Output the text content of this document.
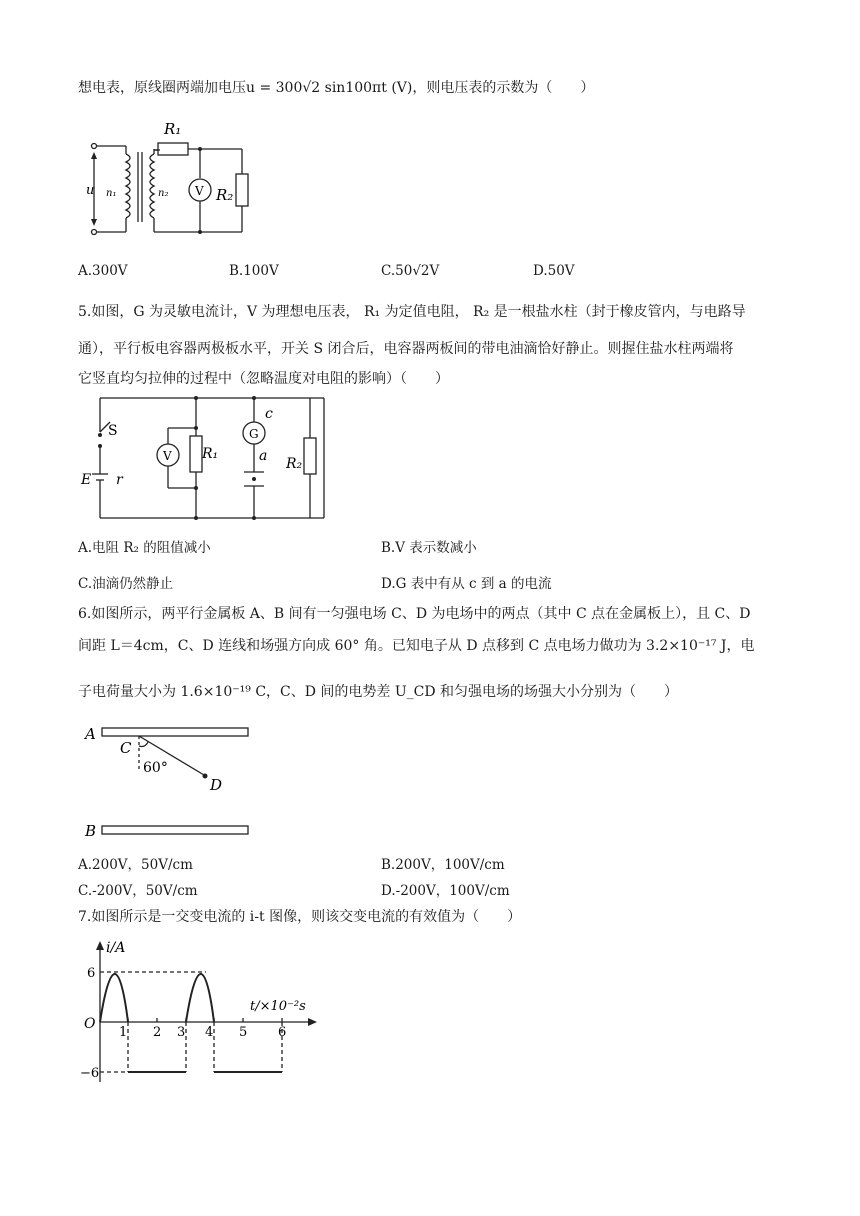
想电表，原线圈两端加电压u = 300√2 sin100πt (V)，则电压表的示数为（　　）
R₁
u n₁	n₂ V R₂
A.300V	B.100V	C.50√2V	D.50V
5.如图，G 为灵敏电流计，V 为理想电压表， R₁ 为定值电阻， R₂ 是一根盐水柱（封于橡皮管内，与电路导
通），平行板电容器两极板水平，开关 S 闭合后，电容器两板间的带电油滴恰好静止。则握住盐水柱两端将
它竖直均匀拉伸的过程中（忽略温度对电阻的影响）（　　）
S
E r
V R₁
G
c
a R₂
A.电阻 R₂ 的阻值减小	B.V 表示数减小
C.油滴仍然静止	D.G 表中有从 c 到 a 的电流
6.如图所示，两平行金属板 A、B 间有一匀强电场 C、D 为电场中的两点（其中 C 点在金属板上），且 C、D
间距 L＝4cm，C、D 连线和场强方向成 60° 角。已知电子从 D 点移到 C 点电场力做功为 3.2×10⁻¹⁷ J，电
子电荷量大小为 1.6×10⁻¹⁹ C，C、D 间的电势差 U_CD 和匀强电场的场强大小分别为（　　）
A
B
C
D
60°
A.200V，50V/cm	B.200V，100V/cm
C.-200V，50V/cm	D.-200V，100V/cm
7.如图所示是一交变电流的 i-t 图像，则该交变电流的有效值为（　　）
i/A
t/×10⁻²s
O
6
−6
1 2 3 4 5 6
